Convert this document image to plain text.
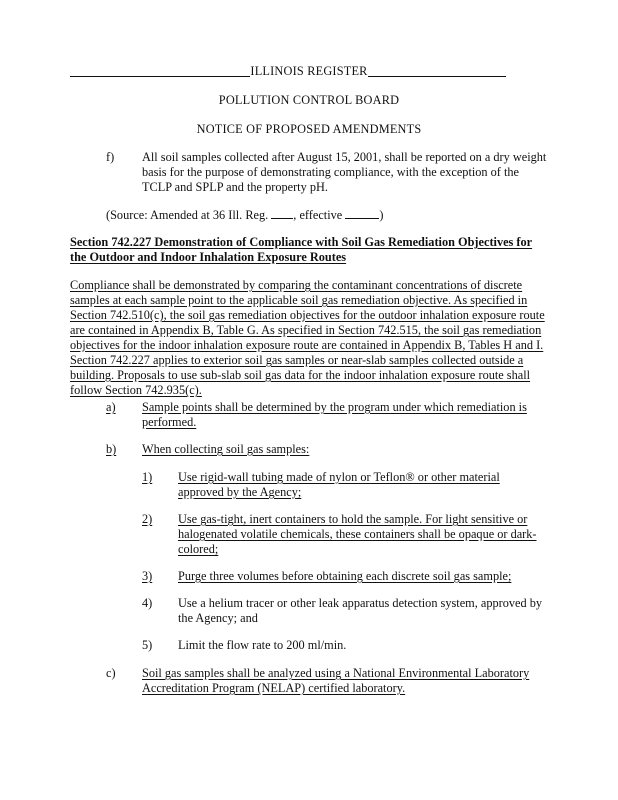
ILLINOIS REGISTER
POLLUTION CONTROL BOARD
NOTICE OF PROPOSED AMENDMENTS
f) All soil samples collected after August 15, 2001, shall be reported on a dry weight
basis for the purpose of demonstrating compliance, with the exception of the
TCLP and SPLP and the property pH.
(Source: Amended at 36 Ill. Reg. , effective	)
Section 742.227 Demonstration of Compliance with Soil Gas Remediation Objectives for
the Outdoor and Indoor Inhalation Exposure Routes
Compliance shall be demonstrated by comparing the contaminant concentrations of discrete
samples at each sample point to the applicable soil gas remediation objective. As specified in
Section 742.510(c), the soil gas remediation objectives for the outdoor inhalation exposure route
are contained in Appendix B, Table G. As specified in Section 742.515, the soil gas remediation
objectives for the indoor inhalation exposure route are contained in Appendix B, Tables H and I.
Section 742.227 applies to exterior soil gas samples or near-slab samples collected outside a
building. Proposals to use sub-slab soil gas data for the indoor inhalation exposure route shall
follow Section 742.935(c).
a) Sample points shall be determined by the program under which remediation is
performed.
b) When collecting soil gas samples:
1) Use rigid-wall tubing made of nylon or Teflon® or other material
approved by the Agency;
2) Use gas-tight, inert containers to hold the sample. For light sensitive or
halogenated volatile chemicals, these containers shall be opaque or dark-
colored;
3) Purge three volumes before obtaining each discrete soil gas sample;
4) Use a helium tracer or other leak apparatus detection system, approved by
the Agency; and
5) Limit the flow rate to 200 ml/min.
c) Soil gas samples shall be analyzed using a National Environmental Laboratory
Accreditation Program (NELAP) certified laboratory.
